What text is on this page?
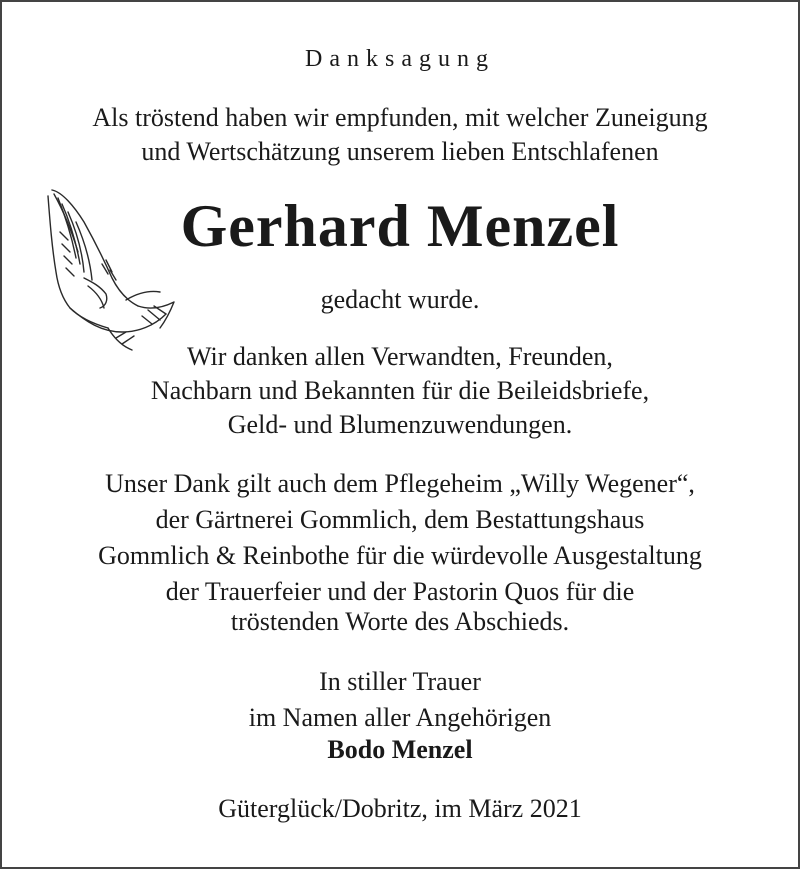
Danksagung

Als tröstend haben wir empfunden, mit welcher Zuneigung

und Wertschätzung unserem lieben Entschlafenen

Gerhard Menzel

gedacht wurde.

Wir danken allen Verwandten, Freunden,

Nachbarn und Bekannten für die Beileidsbriefe,

Geld- und Blumenzuwendungen.

Unser Dank gilt auch dem Pflegeheim „Willy Wegener“,

der Gärtnerei Gommlich, dem Bestattungshaus

Gommlich & Reinbothe für die würdevolle Ausgestaltung

der Trauerfeier und der Pastorin Quos für die

tröstenden Worte des Abschieds.

In stiller Trauer

im Namen aller Angehörigen

Bodo Menzel

Güterglück/Dobritz, im März 2021
